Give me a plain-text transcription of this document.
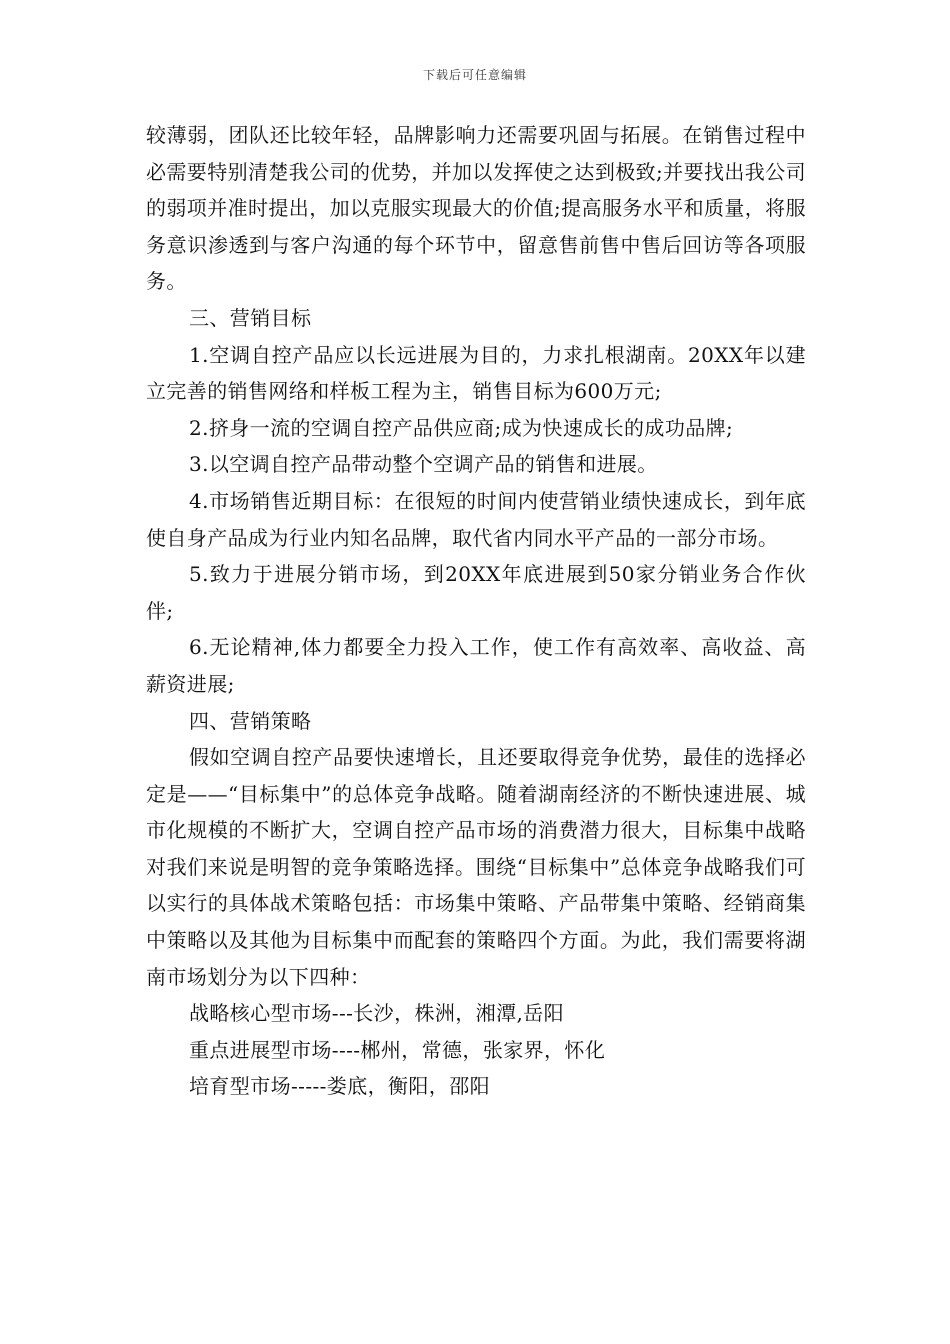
下载后可任意编辑

较薄弱，团队还比较年轻，品牌影响力还需要巩固与拓展。在销售过程中必需要特别清楚我公司的优势，并加以发挥使之达到极致;并要找出我公司的弱项并准时提出，加以克服实现最大的价值;提高服务水平和质量，将服务意识渗透到与客户沟通的每个环节中，留意售前售中售后回访等各项服务。

三、营销目标

1.空调自控产品应以长远进展为目的，力求扎根湖南。20XX年以建立完善的销售网络和样板工程为主，销售目标为600万元;

2.挤身一流的空调自控产品供应商;成为快速成长的成功品牌;

3.以空调自控产品带动整个空调产品的销售和进展。

4.市场销售近期目标：在很短的时间内使营销业绩快速成长，到年底使自身产品成为行业内知名品牌，取代省内同水平产品的一部分市场。

5.致力于进展分销市场，到20XX年底进展到50家分销业务合作伙伴;

6.无论精神,体力都要全力投入工作，使工作有高效率、高收益、高薪资进展;

四、营销策略

假如空调自控产品要快速增长，且还要取得竞争优势，最佳的选择必定是——“目标集中”的总体竞争战略。随着湖南经济的不断快速进展、城市化规模的不断扩大，空调自控产品市场的消费潜力很大，目标集中战略对我们来说是明智的竞争策略选择。围绕“目标集中”总体竞争战略我们可以实行的具体战术策略包括：市场集中策略、产品带集中策略、经销商集中策略以及其他为目标集中而配套的策略四个方面。为此，我们需要将湖南市场划分为以下四种：

战略核心型市场---长沙，株洲，湘潭,岳阳

重点进展型市场----郴州，常德，张家界，怀化

培育型市场-----娄底，衡阳，邵阳
